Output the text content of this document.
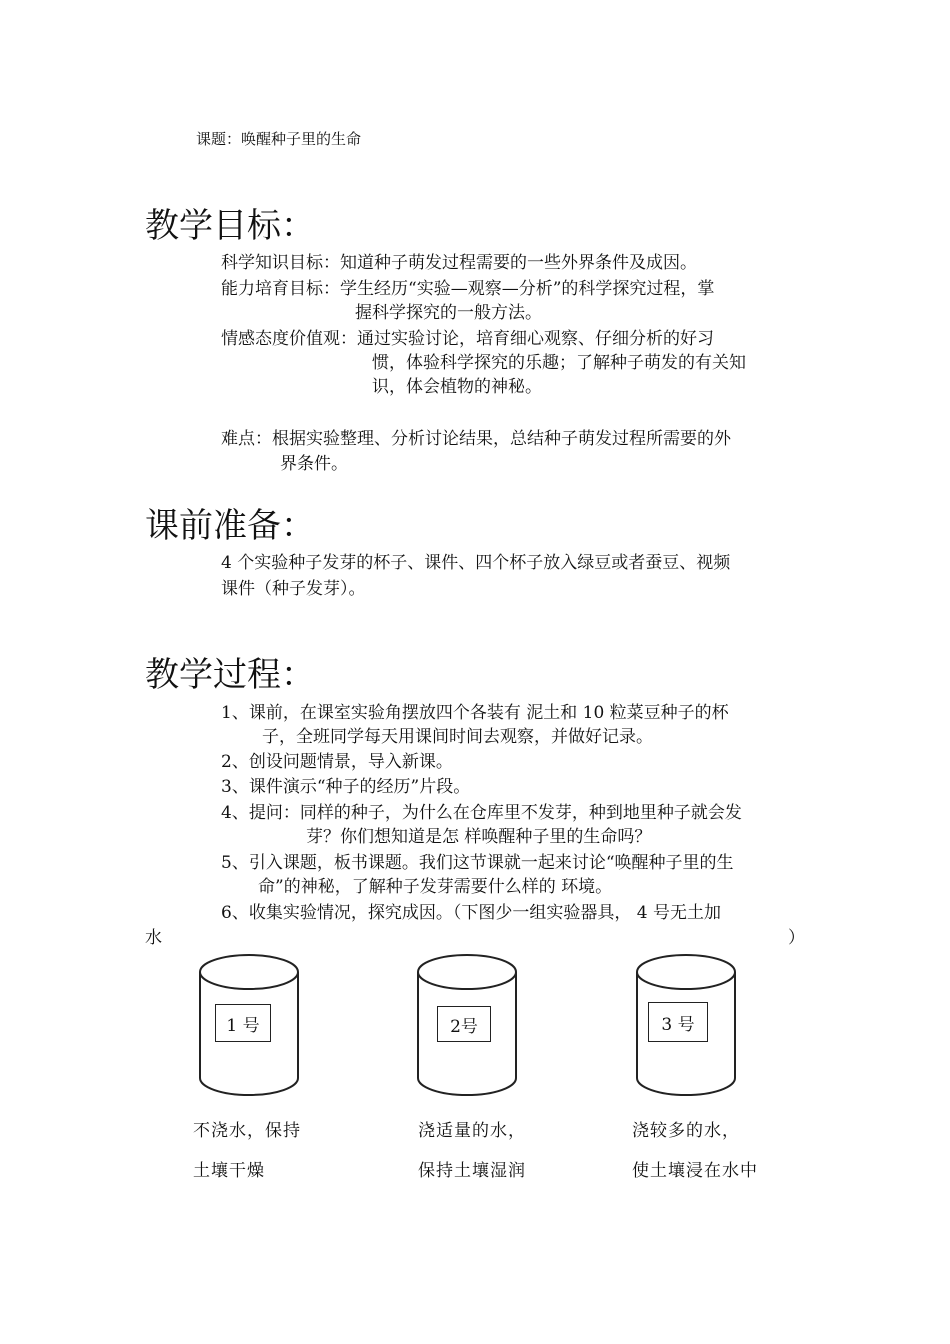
课题：唤醒种子里的生命
教学目标：
科学知识目标：知道种子萌发过程需要的一些外界条件及成因。
能力培育目标：学生经历“实验—观察—分析”的科学探究过程，掌
握科学探究的一般方法。
情感态度价值观：通过实验讨论，培育细心观察、仔细分析的好习
惯，体验科学探究的乐趣；了解种子萌发的有关知
识，体会植物的神秘。
难点：根据实验整理、分析讨论结果，总结种子萌发过程所需要的外
界条件。
课前准备：
4 个实验种子发芽的杯子、课件、四个杯子放入绿豆或者蚕豆、视频
课件（种子发芽）。
教学过程：
1、课前，在课室实验角摆放四个各装有 泥土和 10 粒菜豆种子的杯
子，全班同学每天用课间时间去观察，并做好记录。
2、创设问题情景，导入新课。
3、课件演示“种子的经历”片段。
4、提问：同样的种子，为什么在仓库里不发芽，种到地里种子就会发
芽？你们想知道是怎 样唤醒种子里的生命吗？
5、引入课题，板书课题。我们这节课就一起来讨论“唤醒种子里的生
命”的神秘，了解种子发芽需要什么样的 环境。
6、收集实验情况，探究成因。（下图少一组实验器具， 4 号无土加
水	）
1 号	2号	3 号
不浇水，保持
土壤干燥
浇适量的水，
保持土壤湿润
浇较多的水，
使土壤浸在水中
